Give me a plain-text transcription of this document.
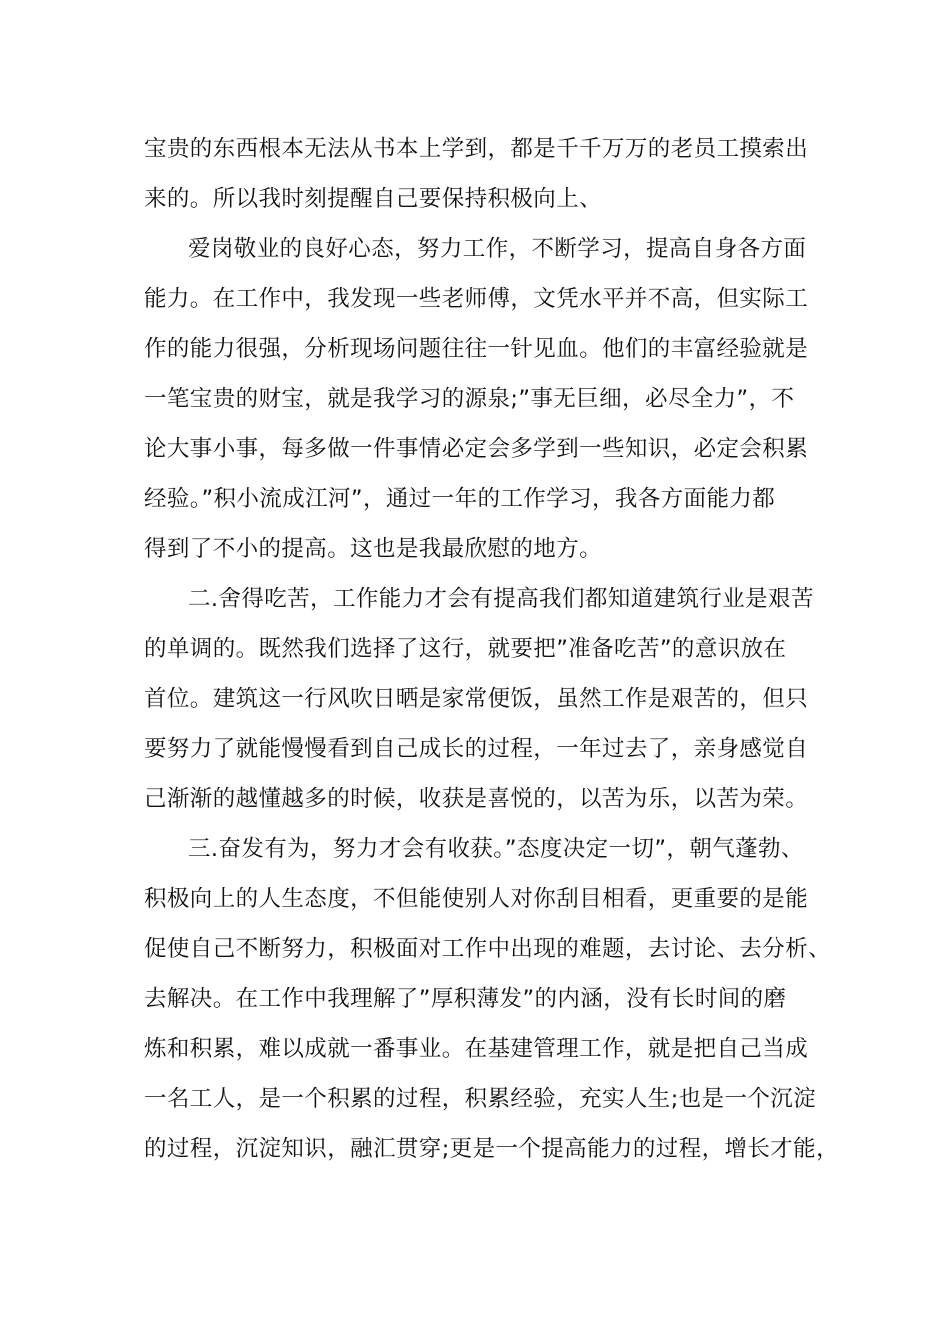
宝贵的东西根本无法从书本上学到，都是千千万万的老员工摸索出
来的。所以我时刻提醒自己要保持积极向上、
爱岗敬业的良好心态，努力工作，不断学习，提高自身各方面
能力。在工作中，我发现一些老师傅，文凭水平并不高，但实际工
作的能力很强，分析现场问题往往一针见血。他们的丰富经验就是
一笔宝贵的财宝，就是我学习的源泉;”事无巨细，必尽全力”，不
论大事小事，每多做一件事情必定会多学到一些知识，必定会积累
经验。”积小流成江河”，通过一年的工作学习，我各方面能力都
得到了不小的提高。这也是我最欣慰的地方。
二.舍得吃苦，工作能力才会有提高我们都知道建筑行业是艰苦
的单调的。既然我们选择了这行，就要把”准备吃苦”的意识放在
首位。建筑这一行风吹日晒是家常便饭，虽然工作是艰苦的，但只
要努力了就能慢慢看到自己成长的过程，一年过去了，亲身感觉自
己渐渐的越懂越多的时候，收获是喜悦的，以苦为乐，以苦为荣。
三.奋发有为，努力才会有收获。”态度决定一切”，朝气蓬勃、
积极向上的人生态度，不但能使别人对你刮目相看，更重要的是能
促使自己不断努力，积极面对工作中出现的难题，去讨论、去分析、
去解决。在工作中我理解了”厚积薄发”的内涵，没有长时间的磨
炼和积累，难以成就一番事业。在基建管理工作，就是把自己当成
一名工人，是一个积累的过程，积累经验，充实人生;也是一个沉淀
的过程，沉淀知识，融汇贯穿;更是一个提高能力的过程，增长才能，
